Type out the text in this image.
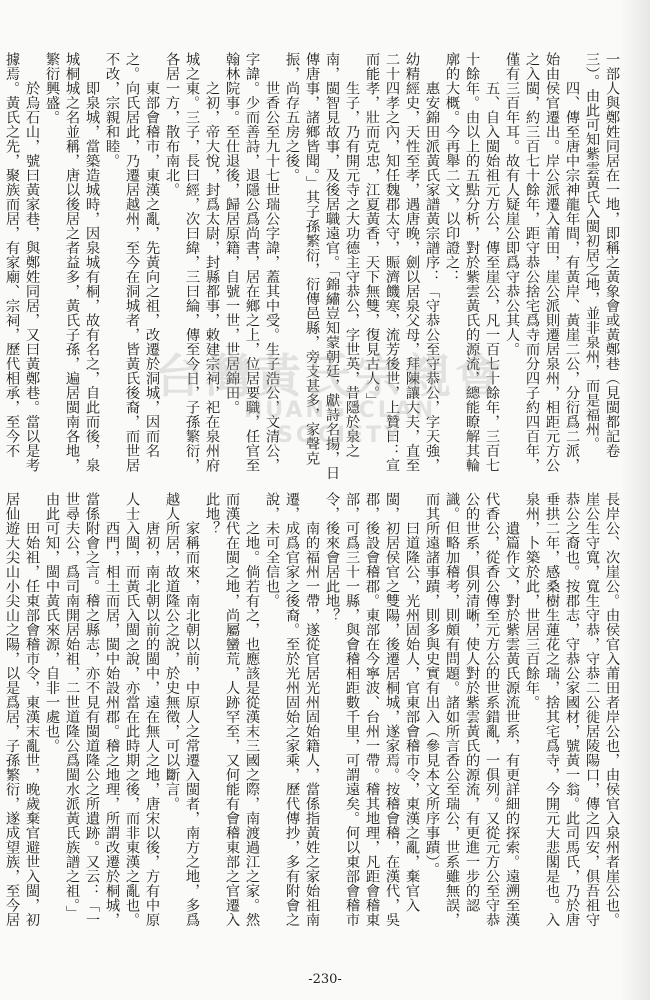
一部人與鄭姓同居在一地，即稱之黃象會或黃鄭巷（見閩都記卷三）。由此可知紫雲黃氏入閩初居之地，並非泉州，而是福州。

四、傳至唐中宗神龍年間，有黃岸、黃崖二公，分衍爲二派，始由侯官遷出。岸公派遷入莆田，崖公派則遷居泉州，相距元方公之入閩，約三百七十餘年，距守恭公捨宅爲寺而分四子約四百年，僅有三百年耳。故有人疑崖公即爲守恭公其人。

五、自入閩始祖元方公，傳至崖公，凡一百七十餘年，三百七十餘年。由以上的五點分析，對於紫雲黃氏的源流，總能瞭解其輪廓的大概。今再舉二文，以印證之：

惠安錦田派黃氏家譜黃宗譜序：「守恭公至守恭公，字天強，幼精經史，天性至孝，遇唐晚，劍以居泉父母，拜陳讓大夫，直至二十四孝之內，知任魏郡太守，賑濟饑寒，流芳後世，上贊曰：宣而能孝，壯而克忠，江夏黃香，天下無雙，復見古人。」

生子，乃有開元寺之大功德主守恭公，字世英，昔隱於泉之南，閩智見故事，及後居職遠官。「錦繡豈知蒙朝廷，獻詩名揚，日傳唐事，諸鄉皆聞。」其子孫繁衍，衍傳邑縣，旁支甚多，家聲克振，尚存五房之後。

世香公至九十七世瑞公字諱，蓋其中受。生子浩公，文清公，字諱。少而善詩，退隱公爲尚書，居在鄉之上，位居要職，任官至翰林院事。至仕退後，歸居原籍，自號一世，世居錦田。

之初，帝大悅，封爲太尉，封縣都事，敕建宗祠，祀在泉州府城之東。三子，長曰經，次曰緯，三曰綸，傳至今日，子孫繁衍，各居一方，散布南北。

東部會稽市，東漢之亂，先黃向之祖，改遷於洞城，因而名之。向氏居此，乃遷居越州，至今在洞城者，皆黃氏後裔，而世居不改，宗親和睦。

即泉城，當築造城時，因泉城有桐，故有名之，自此而後，泉城桐城之名並稱，唐以後居之者益多，黃氏子孫，遍居閩南各地，繁衍興盛。

於烏石山，號曰黃家巷，與鄭姓同居，又曰黃鄭巷。當以是考據焉。黃氏之先，聚族而居，有家廟、宗祠，歷代相承，至今不

長岸公、次崖公。由侯官入莆田者岸公也，由侯官入泉州者崖公也。崖公生守寬，寬生守恭，守恭二公徙居陵陽口，傳之四安，俱吾祖守恭公之裔也。按郡志，守恭公家國材，號黃一翁。此司馬氏，乃於唐垂拱二年，感桑樹生蓮花之瑞，捨其宅爲寺，今開元大悲閣是也。入泉州，卜築於此，世居三百餘年。

遺篇作文，對於紫雲黃氏源流世系，有更詳細的探索。遠溯至漢代香公，從香公傳至元方公的世系錯亂，一俱列。又從元方公至守恭公的世系，俱列清晰，使人對於紫雲黃氏的源流，有更進一步的認識。但略加稽考，則頗有問題。諸如所言香公至瑞公，世系雖無誤，而其所遠諸事蹟，則多與史實有出入（參見本文所序事蹟）。

曰道隆公，光州固始人，官東部會稽市令，東漢之亂，棄官入閩，初居侯官之雙陽，後遷居桐城，遂家焉。按稽會稽，在漢代，吳郡，後設會稽郡。東部在今寧波、台州一帶。稽其地理，凡距會稽東部，可爲三十一縣，與會稽相距數千里，可謂遠矣。何以東部會稽市令，後來會居此地？

南的福州一帶，遂從官居光州固始籍人，當係指黃姓之家始祖南遷，成爲官家之後裔。至於光州固始之家乘，歷代傳抄，多有附會之說，未可全信也。

之地。倘若有之，也應該是從漢末三國之際，南渡過江之家。然而漢代在閩之地，尚屬蠻荒，人跡罕至，又何能有會稽東部之官遷入此地？

家稱而來，南北朝以前，中原人之常遷入閩者，南方之地，多爲越人所居，故道隆公之說，於史無徵，可以斷言。

唐初，南北朝以前的閩中，遠在無人之地，唐宋以後，方有中原人士入閩，而黃氏入閩之說，亦當在此時期之後，而非東漢之亂也。

西門，相土而居，閩中始設州郡。稽之地理，所謂改遷於桐城，當係附會之言。稽之縣志，亦不見有閩道隆公之所遺跡。又云：「一世尋夫公，爲司南開居始祖，二世道隆公爲閩水派黃氏族譜之祖。」由此可知，閩中黃氏來源，自非一處也。

田始祖，任東部會稽市令，東漢末亂世，晚歲棄官避世入閩，初居仙遊大尖山小尖山之陽，以是爲居，子孫繁衍，遂成望族，至今居

台灣黃氏宗親會
HUANG CLAN SOCIETY
-230-
